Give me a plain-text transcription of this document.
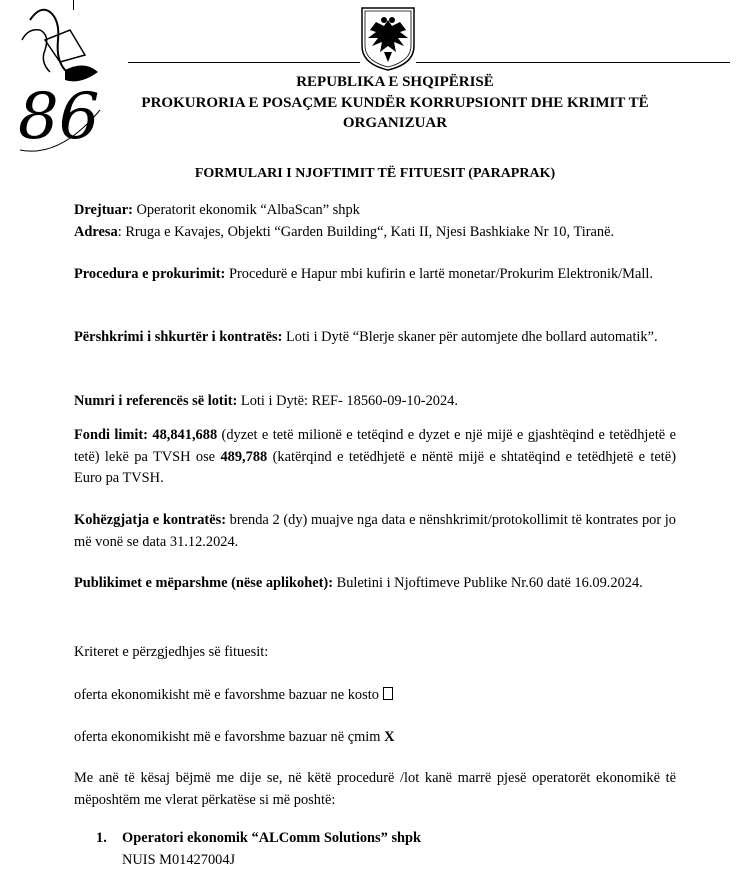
86	REPUBLIKA E SHQIPËRISË
PROKURORIA E POSAÇME KUNDËR KORRUPSIONIT DHE KRIMIT TË
ORGANIZUAR
FORMULARI I NJOFTIMIT TË FITUESIT (PARAPRAK)
Drejtuar: Operatorit ekonomik “AlbaScan” shpk
Adresa: Rruga e Kavajes, Objekti “Garden Building“, Kati II, Njesi Bashkiake Nr 10, Tiranë.
Procedura e prokurimit: Procedurë e Hapur mbi kufirin e lartë monetar/Prokurim Elektronik/Mall.
Përshkrimi i shkurtër i kontratës: Loti i Dytë “Blerje skaner për automjete dhe bollard automatik”.
Numri i referencës së lotit: Loti i Dytë: REF- 18560-09-10-2024.
Fondi limit: 48,841,688 (dyzet e tetë milionë e tetëqind e dyzet e një mijë e gjashtëqind e tetëdhjetë e tetë) lekë pa TVSH ose 489,788 (katërqind e tetëdhjetë e nëntë mijë e shtatëqind e tetëdhjetë e tetë) Euro pa TVSH.
Kohëzgjatja e kontratës: brenda 2 (dy) muajve nga data e nënshkrimit/protokollimit të kontrates por jo më vonë se data 31.12.2024.
Publikimet e mëparshme (nëse aplikohet): Buletini i Njoftimeve Publike Nr.60 datë 16.09.2024.
Kriteret e përzgjedhjes së fituesit:
oferta ekonomikisht më e favorshme bazuar ne kosto
oferta ekonomikisht më e favorshme bazuar në çmim X
Me anë të kësaj bëjmë me dije se, në këtë procedurë /lot kanë marrë pjesë operatorët ekonomikë të mëposhtëm me vlerat përkatëse si më poshtë:
1. Operatori ekonomik “ALComm Solutions” shpk
NUIS M01427004J
